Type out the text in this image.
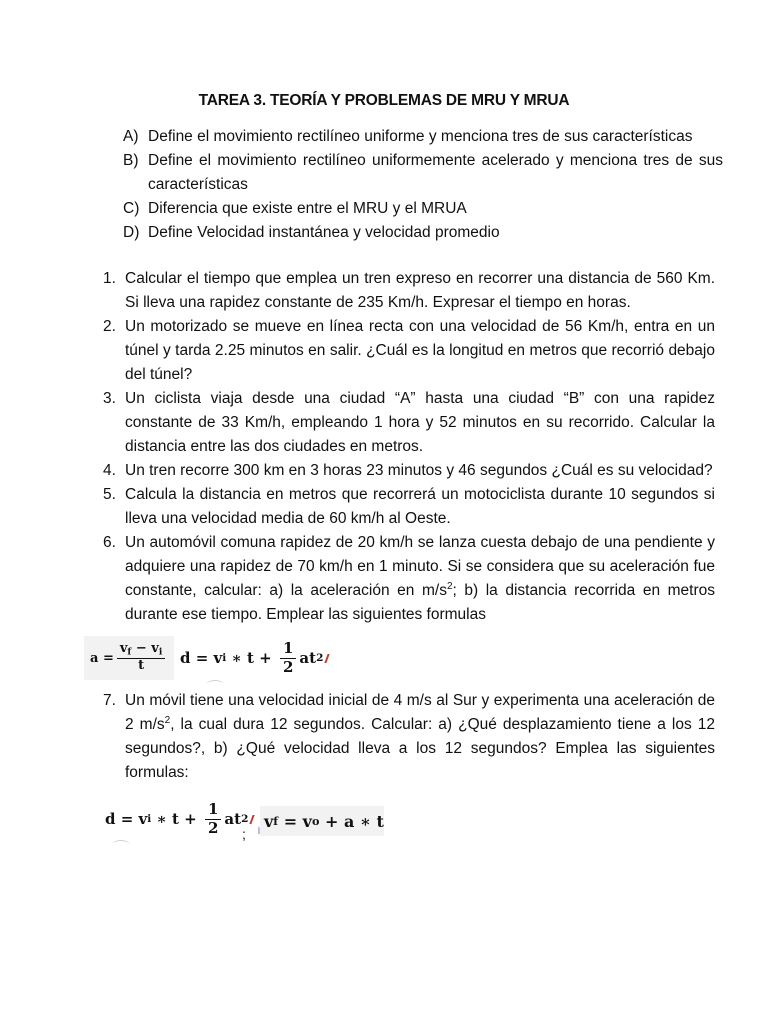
TAREA 3. TEORÍA Y PROBLEMAS DE MRU Y MRUA
A) Define el movimiento rectilíneo uniforme y menciona tres de sus características
B) Define el movimiento rectilíneo uniformemente acelerado y menciona tres de sus características
C) Diferencia que existe entre el MRU y el MRUA
D) Define Velocidad instantánea y velocidad promedio
1. Calcular el tiempo que emplea un tren expreso en recorrer una distancia de 560 Km. Si lleva una rapidez constante de 235 Km/h. Expresar el tiempo en horas.
2. Un motorizado se mueve en línea recta con una velocidad de 56 Km/h, entra en un túnel y tarda 2.25 minutos en salir. ¿Cuál es la longitud en metros que recorrió debajo del túnel?
3. Un ciclista viaja desde una ciudad “A” hasta una ciudad “B” con una rapidez constante de 33 Km/h, empleando 1 hora y 52 minutos en su recorrido. Calcular la distancia entre las dos ciudades en metros.
4. Un tren recorre 300 km en 3 horas 23 minutos y 46 segundos ¿Cuál es su velocidad?
5. Calcula la distancia en metros que recorrerá un motociclista durante 10 segundos si lleva una velocidad media de 60 km/h al Oeste.
6. Un automóvil comuna rapidez de 20 km/h se lanza cuesta debajo de una pendiente y adquiere una rapidez de 70 km/h en 1 minuto. Si se considera que su aceleración fue constante, calcular: a) la aceleración en $m/s^2$; b) la distancia recorrida en metros durante ese tiempo. Emplear las siguientes formulas
$a = \frac{v_f - v_i}{t}$ d = v i ∗ $t + \frac{1}{2}$ at 2
7. Un móvil tiene una velocidad inicial de 4 m/s al Sur y experimenta una aceleración de 2 $m/s^2$, la cual dura 12 segundos. Calcular: a) ¿Qué desplazamiento tiene a los 12 segundos?, b) ¿Qué velocidad lleva a los 12 segundos? Emplea las siguientes formulas:
d = v i ∗ $t + \frac{1}{2}$ at 2
;
v f = v o + a ∗ t
